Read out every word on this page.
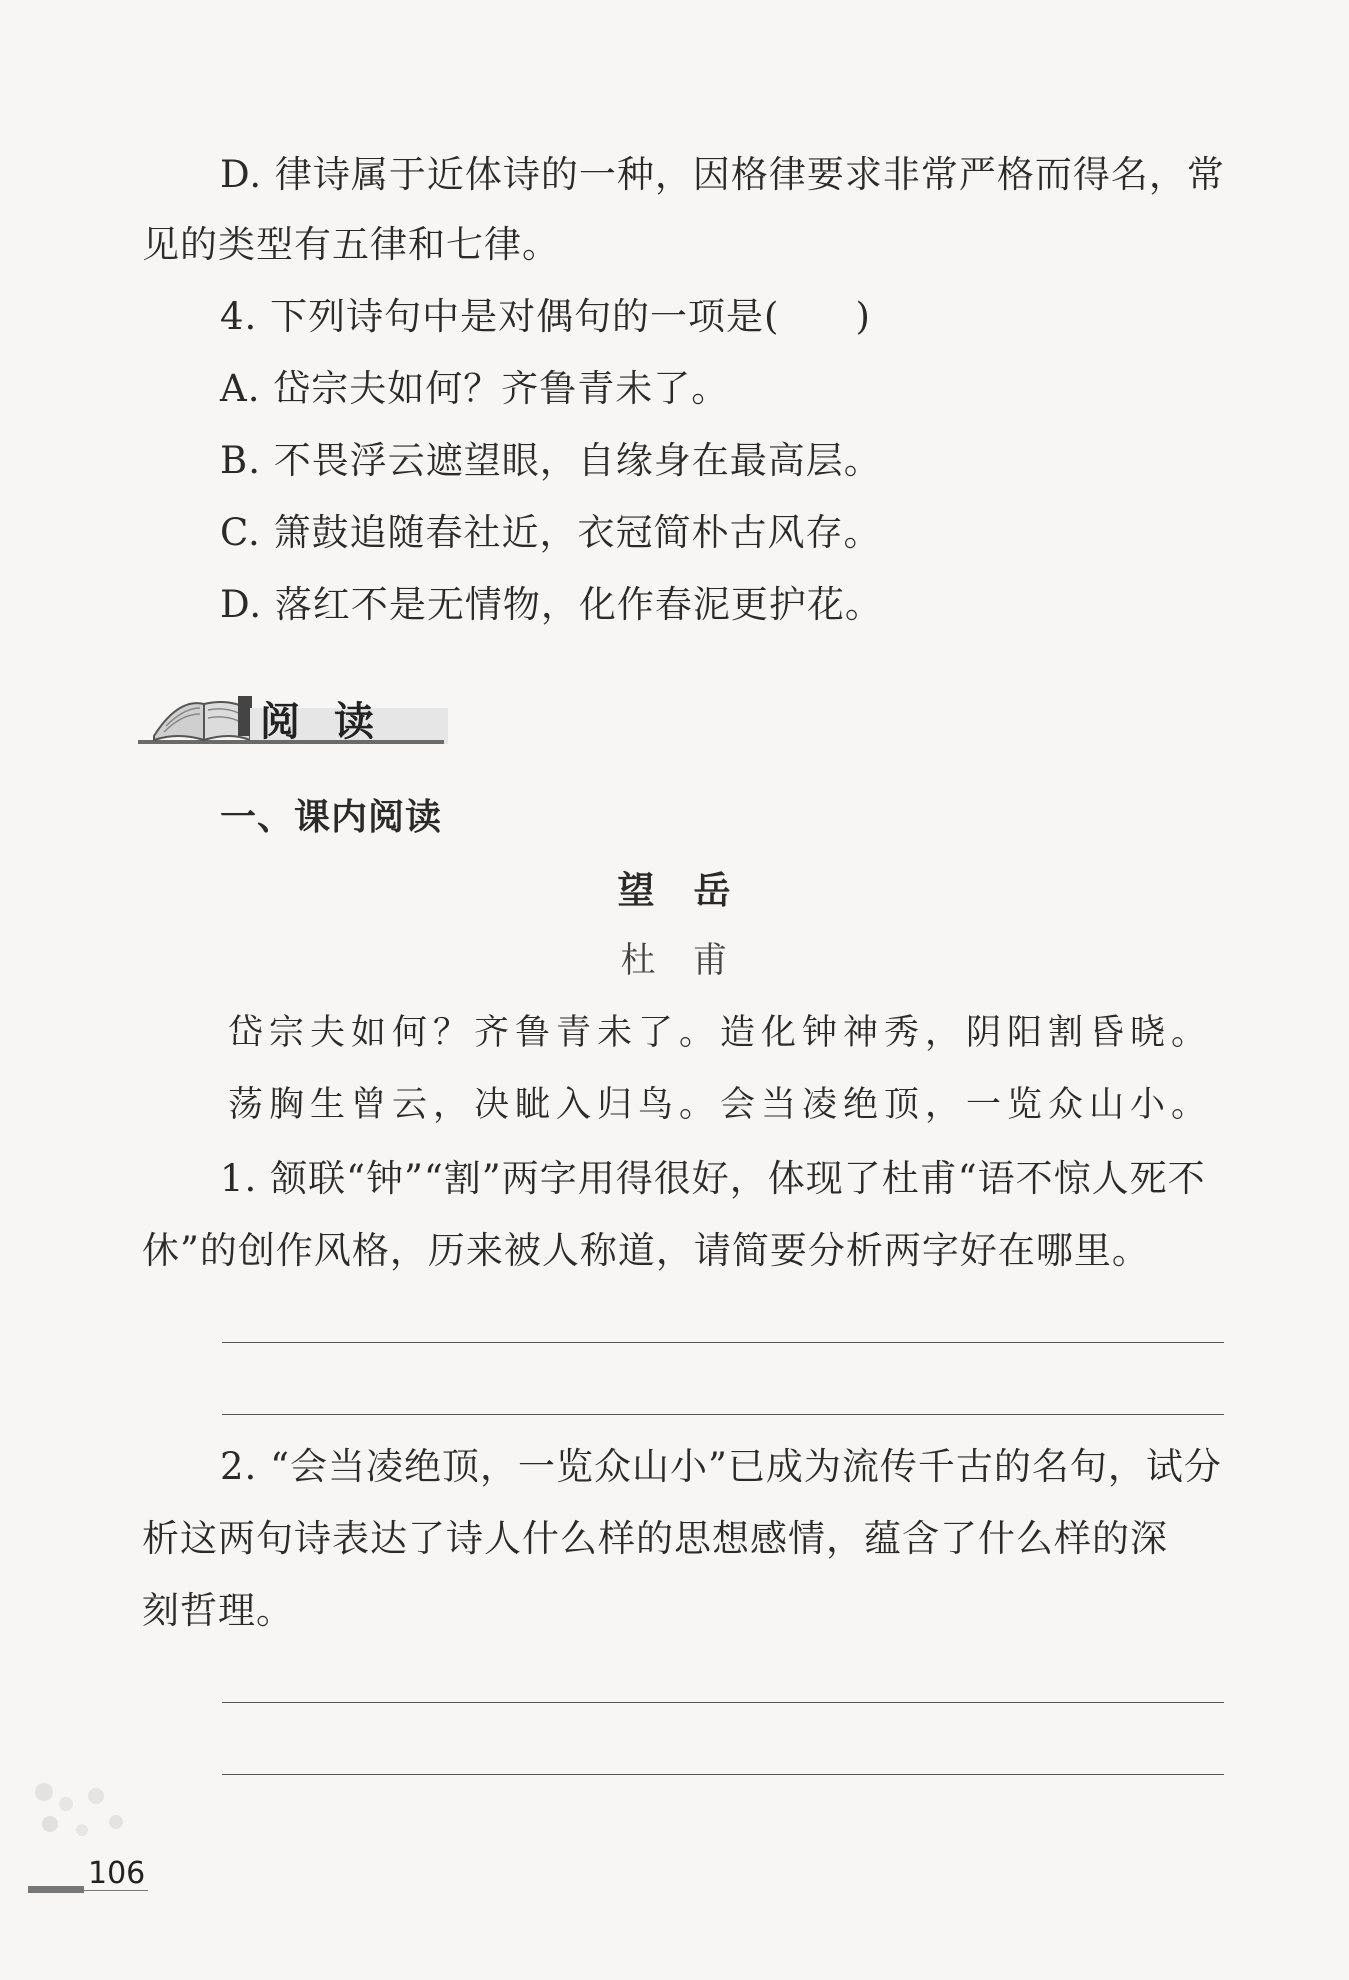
D. 律诗属于近体诗的一种，因格律要求非常严格而得名，常
见的类型有五律和七律。
4. 下列诗句中是对偶句的一项是(　　)
A. 岱宗夫如何？齐鲁青未了。
B. 不畏浮云遮望眼，自缘身在最高层。
C. 箫鼓追随春社近，衣冠简朴古风存。
D. 落红不是无情物，化作春泥更护花。
阅读
一、课内阅读
望　岳
杜　甫
岱宗夫如何？齐鲁青未了。造化钟神秀，阴阳割昏晓。
荡胸生曾云，决眦入归鸟。会当凌绝顶，一览众山小。
1. 颔联“钟”“割”两字用得很好，体现了杜甫“语不惊人死不
休”的创作风格，历来被人称道，请简要分析两字好在哪里。
2. “会当凌绝顶，一览众山小”已成为流传千古的名句，试分
析这两句诗表达了诗人什么样的思想感情，蕴含了什么样的深
刻哲理。
106
